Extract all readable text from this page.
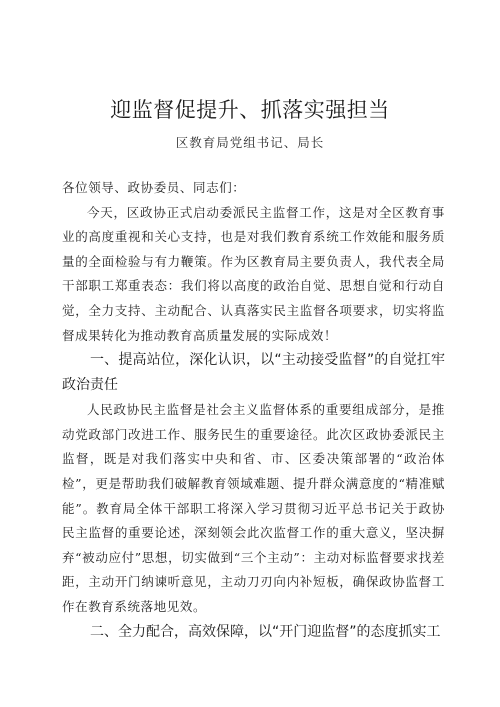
迎监督促提升、抓落实强担当
区教育局党组书记、局长

各位领导、政协委员、同志们：

今天，区政协正式启动委派民主监督工作，这是对全区教育事业的高度重视和关心支持，也是对我们教育系统工作效能和服务质量的全面检验与有力鞭策。作为区教育局主要负责人，我代表全局干部职工郑重表态：我们将以高度的政治自觉、思想自觉和行动自觉，全力支持、主动配合、认真落实民主监督各项要求，切实将监督成果转化为推动教育高质量发展的实际成效！

一、提高站位，深化认识，以“主动接受监督”的自觉扛牢政治责任

人民政协民主监督是社会主义监督体系的重要组成部分，是推动党政部门改进工作、服务民生的重要途径。此次区政协委派民主监督，既是对我们落实中央和省、市、区委决策部署的“政治体检”，更是帮助我们破解教育领域难题、提升群众满意度的“精准赋能”。教育局全体干部职工将深入学习贯彻习近平总书记关于政协民主监督的重要论述，深刻领会此次监督工作的重大意义，坚决摒弃“被动应付”思想，切实做到“三个主动”：主动对标监督要求找差距，主动开门纳谏听意见，主动刀刃向内补短板，确保政协监督工作在教育系统落地见效。

二、全力配合，高效保障，以“开门迎监督”的态度抓实工
